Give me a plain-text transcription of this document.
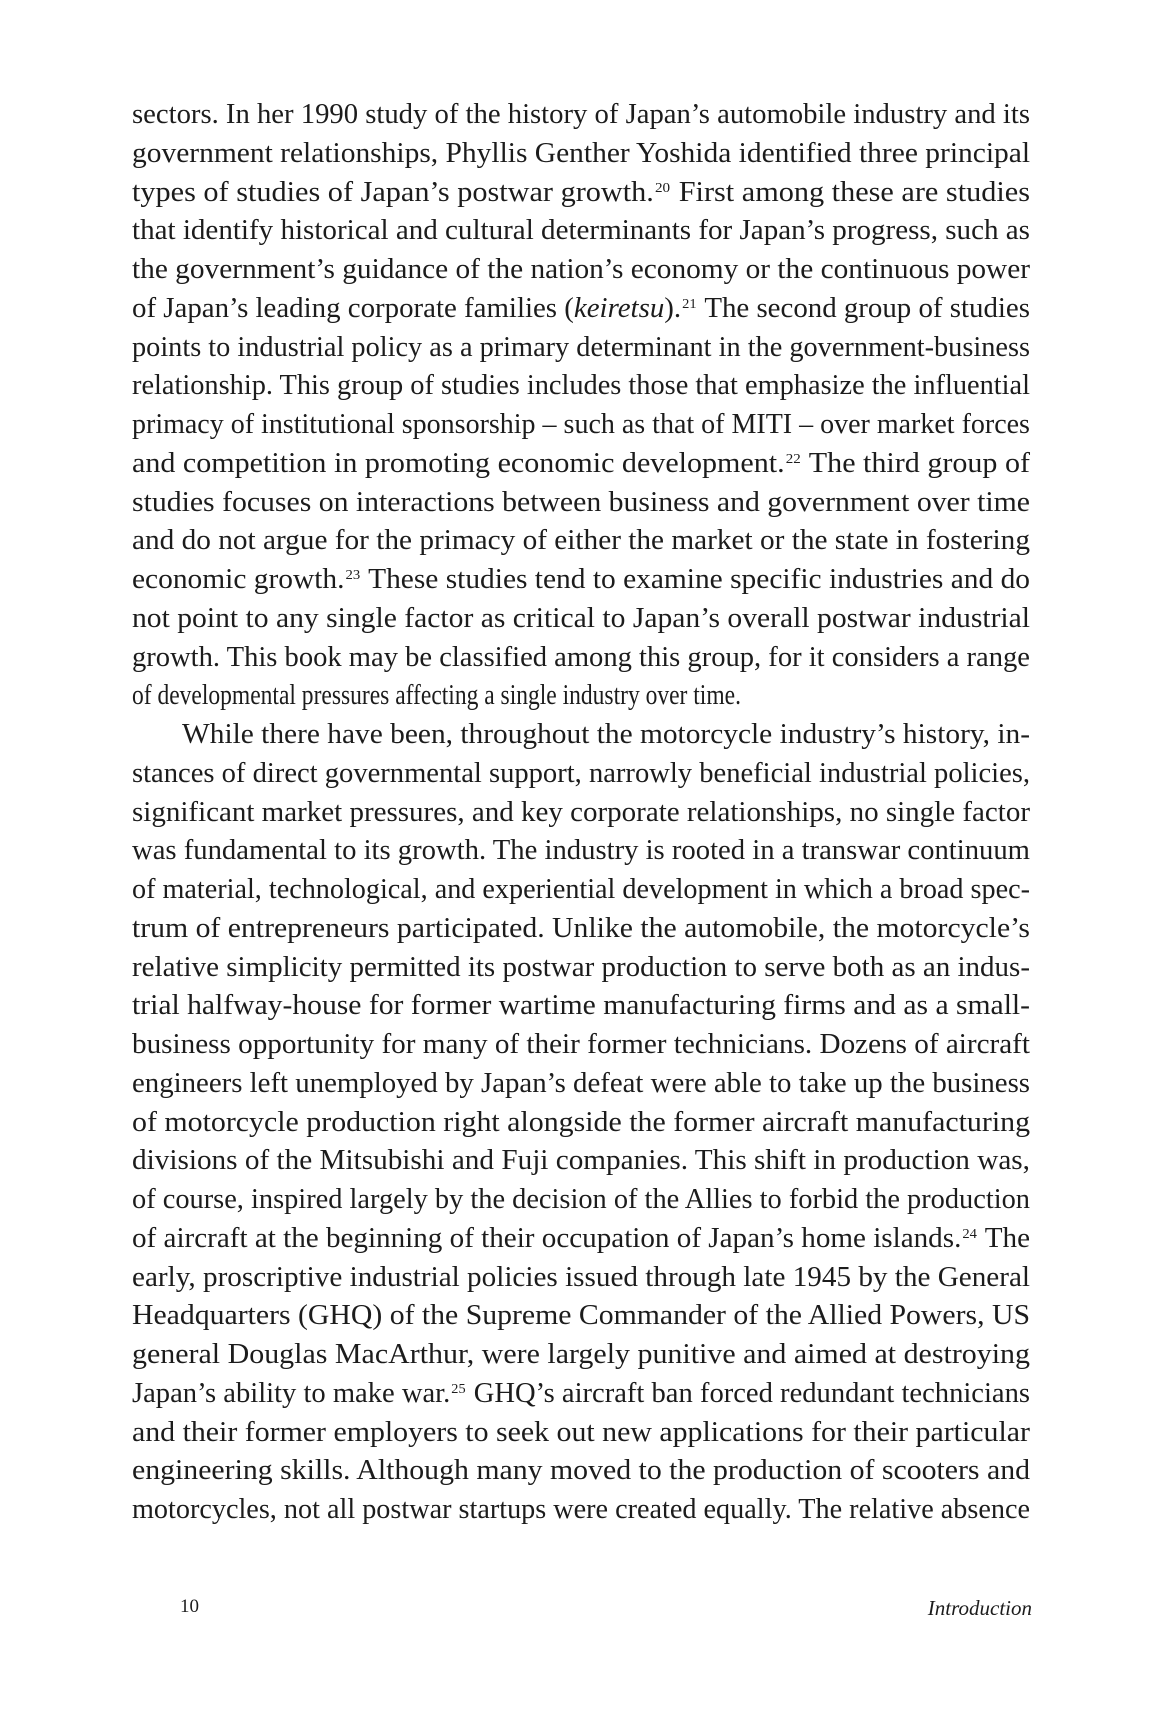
sectors. In her 1990 study of the history of Japan’s automobile industry and its
government relationships, Phyllis Genther Yoshida identified three principal
types of studies of Japan’s postwar growth.$^{20}$ First among these are studies
that identify historical and cultural determinants for Japan’s progress, such as
the government’s guidance of the nation’s economy or the continuous power
of Japan’s leading corporate families (keiretsu).$^{21}$ The second group of studies
points to industrial policy as a primary determinant in the government-business
relationship. This group of studies includes those that emphasize the influential
primacy of institutional sponsorship – such as that of MITI – over market forces
and competition in promoting economic development.$^{22}$ The third group of
studies focuses on interactions between business and government over time
and do not argue for the primacy of either the market or the state in fostering
economic growth.$^{23}$ These studies tend to examine specific industries and do
not point to any single factor as critical to Japan’s overall postwar industrial
growth. This book may be classified among this group, for it considers a range
of developmental pressures affecting a single industry over time.
While there have been, throughout the motorcycle industry’s history, in-
stances of direct governmental support, narrowly beneficial industrial policies,
significant market pressures, and key corporate relationships, no single factor
was fundamental to its growth. The industry is rooted in a transwar continuum
of material, technological, and experiential development in which a broad spec-
trum of entrepreneurs participated. Unlike the automobile, the motorcycle’s
relative simplicity permitted its postwar production to serve both as an indus-
trial halfway-house for former wartime manufacturing firms and as a small-
business opportunity for many of their former technicians. Dozens of aircraft
engineers left unemployed by Japan’s defeat were able to take up the business
of motorcycle production right alongside the former aircraft manufacturing
divisions of the Mitsubishi and Fuji companies. This shift in production was,
of course, inspired largely by the decision of the Allies to forbid the production
of aircraft at the beginning of their occupation of Japan’s home islands.$^{24}$ The
early, proscriptive industrial policies issued through late 1945 by the General
Headquarters (GHQ) of the Supreme Commander of the Allied Powers, US
general Douglas MacArthur, were largely punitive and aimed at destroying
Japan’s ability to make war.$^{25}$ GHQ’s aircraft ban forced redundant technicians
and their former employers to seek out new applications for their particular
engineering skills. Although many moved to the production of scooters and
motorcycles, not all postwar startups were created equally. The relative absence
10	Introduction
